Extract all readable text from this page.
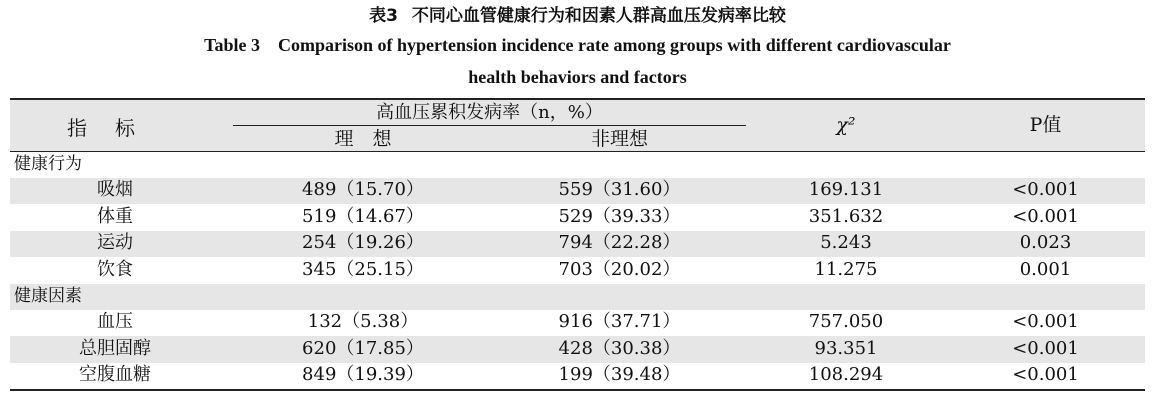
表3 不同心血管健康行为和因素人群高血压发病率比较
Table 3 Comparison of hypertension incidence rate among groups with different cardiovascular
health behaviors and factors
指标
高血压累积发病率（n，%）
理　想	非理想
χ²	P值
健康行为
吸烟	489（15.70）	559（31.60）	169.131	<0.001
体重	519（14.67）	529（39.33）	351.632	<0.001
运动	254（19.26）	794（22.28）	5.243	0.023
饮食	345（25.15）	703（20.02）	11.275	0.001
健康因素
血压	132（5.38）	916（37.71）	757.050	<0.001
总胆固醇	620（17.85）	428（30.38）	93.351	<0.001
空腹血糖	849（19.39）	199（39.48）	108.294	<0.001
